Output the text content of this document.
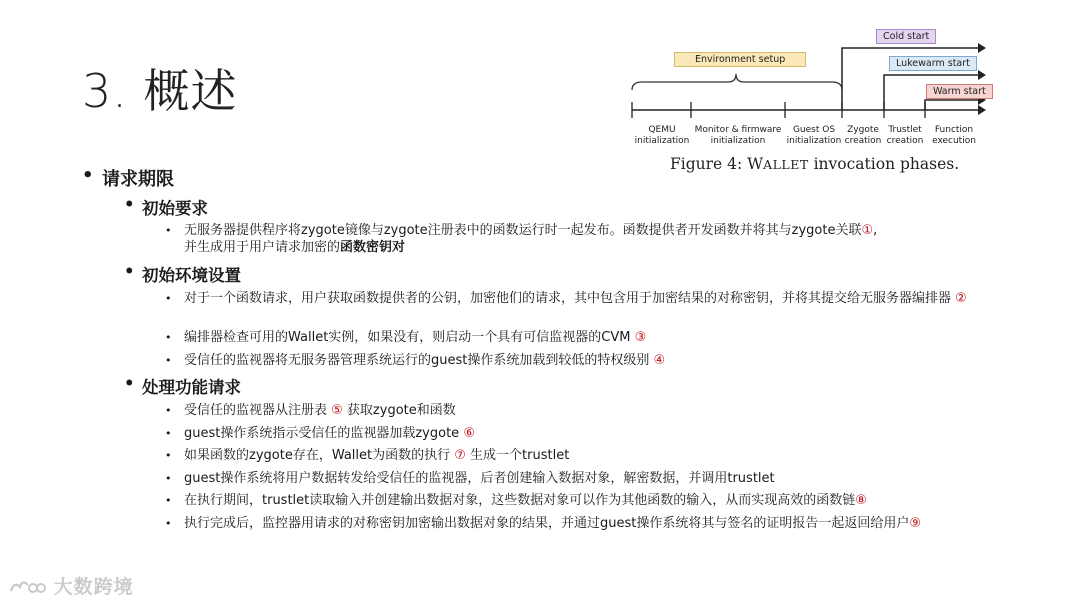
3. 概述
Environment setup
Cold start
Lukewarm start
Warm start
QEMU
initialization
Monitor & firmware
initialization
Guest OS
initialization
Zygote
creation
Trustlet
creation
Function
execution
Figure 4: WALLET invocation phases.
• 请求期限
• 初始要求
• 无服务器提供程序将zygote镜像与zygote注册表中的函数运行时一起发布。函数提供者开发函数并将其与zygote关联①,
并生成用于用户请求加密的函数密钥对
• 初始环境设置
• 对于一个函数请求，用户获取函数提供者的公钥，加密他们的请求，其中包含用于加密结果的对称密钥，并将其提交给无服务器编排器 ②
• 编排器检查可用的Wallet实例，如果没有，则启动一个具有可信监视器的CVM ③
• 受信任的监视器将无服务器管理系统运行的guest操作系统加载到较低的特权级别 ④
• 处理功能请求
• 受信任的监视器从注册表 ⑤ 获取zygote和函数
• guest操作系统指示受信任的监视器加载zygote ⑥
• 如果函数的zygote存在，Wallet为函数的执行 ⑦ 生成一个trustlet
• guest操作系统将用户数据转发给受信任的监视器，后者创建输入数据对象，解密数据，并调用trustlet
• 在执行期间，trustlet读取输入并创建输出数据对象，这些数据对象可以作为其他函数的输入，从而实现高效的函数链⑧
• 执行完成后，监控器用请求的对称密钥加密输出数据对象的结果，并通过guest操作系统将其与签名的证明报告一起返回给用户⑨
大数跨境
